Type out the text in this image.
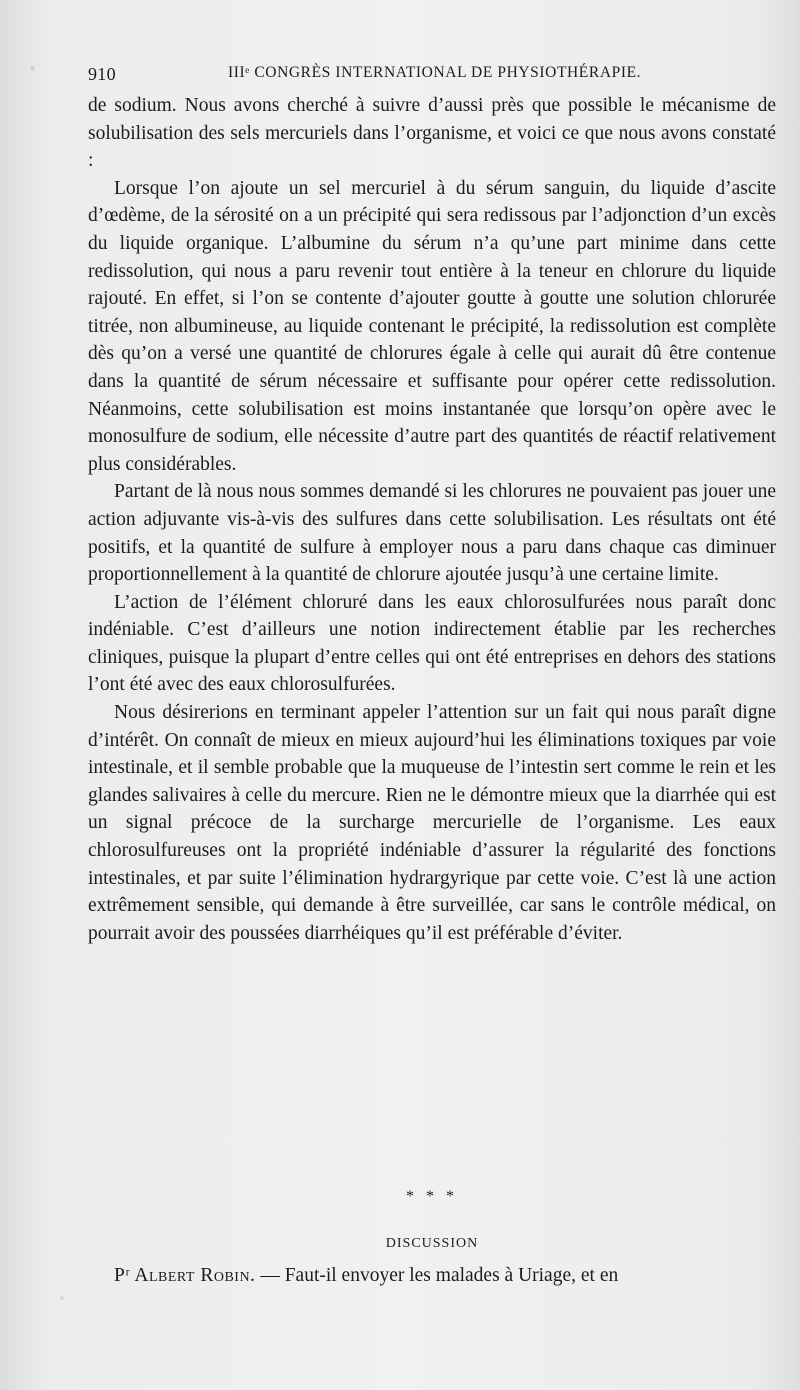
910	IIIᵉ CONGRÈS INTERNATIONAL DE PHYSIOTHÉRAPIE.

de sodium. Nous avons cherché à suivre d’aussi près que possible le mécanisme de solubilisation des sels mercuriels dans l’organisme, et voici ce que nous avons constaté :

Lorsque l’on ajoute un sel mercuriel à du sérum sanguin, du liquide d’ascite d’œdème, de la sérosité on a un précipité qui sera redissous par l’adjonction d’un excès du liquide organique. L’albumine du sérum n’a qu’une part minime dans cette redissolution, qui nous a paru revenir tout entière à la teneur en chlorure du liquide rajouté. En effet, si l’on se contente d’ajouter goutte à goutte une solution chlorurée titrée, non albumineuse, au liquide contenant le précipité, la redissolution est complète dès qu’on a versé une quantité de chlorures égale à celle qui aurait dû être contenue dans la quantité de sérum nécessaire et suffisante pour opérer cette redissolution. Néanmoins, cette solubilisation est moins instantanée que lorsqu’on opère avec le monosulfure de sodium, elle nécessite d’autre part des quantités de réactif relativement plus considérables.

Partant de là nous nous sommes demandé si les chlorures ne pouvaient pas jouer une action adjuvante vis-à-vis des sulfures dans cette solubilisation. Les résultats ont été positifs, et la quantité de sulfure à employer nous a paru dans chaque cas diminuer proportionnellement à la quantité de chlorure ajoutée jusqu’à une certaine limite.

L’action de l’élément chloruré dans les eaux chlorosulfurées nous paraît donc indéniable. C’est d’ailleurs une notion indirectement établie par les recherches cliniques, puisque la plupart d’entre celles qui ont été entreprises en dehors des stations l’ont été avec des eaux chlorosulfurées.

Nous désirerions en terminant appeler l’attention sur un fait qui nous paraît digne d’intérêt. On connaît de mieux en mieux aujourd’hui les éliminations toxiques par voie intestinale, et il semble probable que la muqueuse de l’intestin sert comme le rein et les glandes salivaires à celle du mercure. Rien ne le démontre mieux que la diarrhée qui est un signal précoce de la surcharge mercurielle de l’organisme. Les eaux chlorosulfureuses ont la propriété indéniable d’assurer la régularité des fonctions intestinales, et par suite l’élimination hydrargyrique par cette voie. C’est là une action extrêmement sensible, qui demande à être surveillée, car sans le contrôle médical, on pourrait avoir des poussées diarrhéiques qu’il est préférable d’éviter.

* * *
DISCUSSION
Pʳ Albert Robin. — Faut-il envoyer les malades à Uriage, et en
